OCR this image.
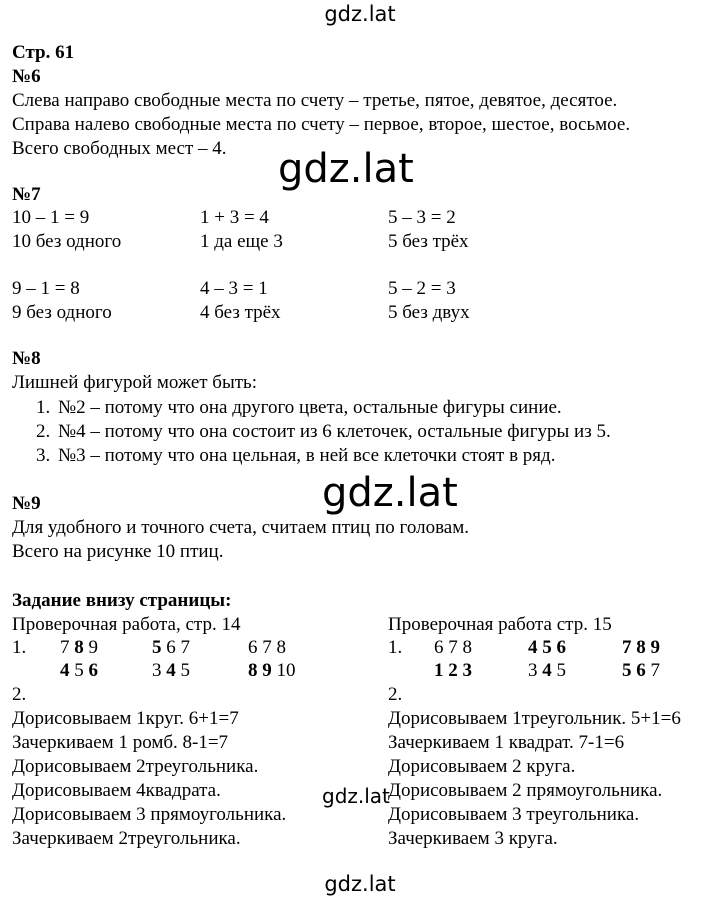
gdz.lat
Стр. 61
№6
Слева направо свободные места по счету – третье, пятое, девятое, десятое.
Справа налево свободные места по счету – первое, второе, шестое, восьмое.
Всего свободных мест – 4. gdz.lat
№7
10 – 1 = 9	1 + 3 = 4	5 – 3 = 2
10 без одного	1 да еще 3	5 без трёх
9 – 1 = 8	4 – 3 = 1	5 – 2 = 3
9 без одного	4 без трёх	5 без двух
№8
Лишней фигурой может быть:
1. №2 – потому что она другого цвета, остальные фигуры синие.
2. №4 – потому что она состоит из 6 клеточек, остальные фигуры из 5.
3. №3 – потому что она цельная, в ней все клеточки стоят в ряд.
№9
Для удобного и точного счета, считаем птиц по головам.
Всего на рисунке 10 птиц.
gdz.lat
Задание внизу страницы:
Проверочная работа, стр. 14
1. 7 8 9	5 6 7	6 7 8
4 5 6	3 4 5	8 9 10
2.
Дорисовываем 1круг. 6+1=7
Зачеркиваем 1 ромб. 8-1=7
Дорисовываем 2треугольника.
Дорисовываем 4квадрата.
Дорисовываем 3 прямоугольника.
Зачеркиваем 2треугольника.
Проверочная работа стр. 15
1. 6 7 8	4 5 6	7 8 9
1 2 3	3 4 5	5 6 7
2.
Дорисовываем 1треугольник. 5+1=6
Зачеркиваем 1 квадрат. 7-1=6
Дорисовываем 2 круга.
Дорисовываем 2 прямоугольника.
Дорисовываем 3 треугольника.
Зачеркиваем 3 круга.
gdz.lat
gdz.lat
